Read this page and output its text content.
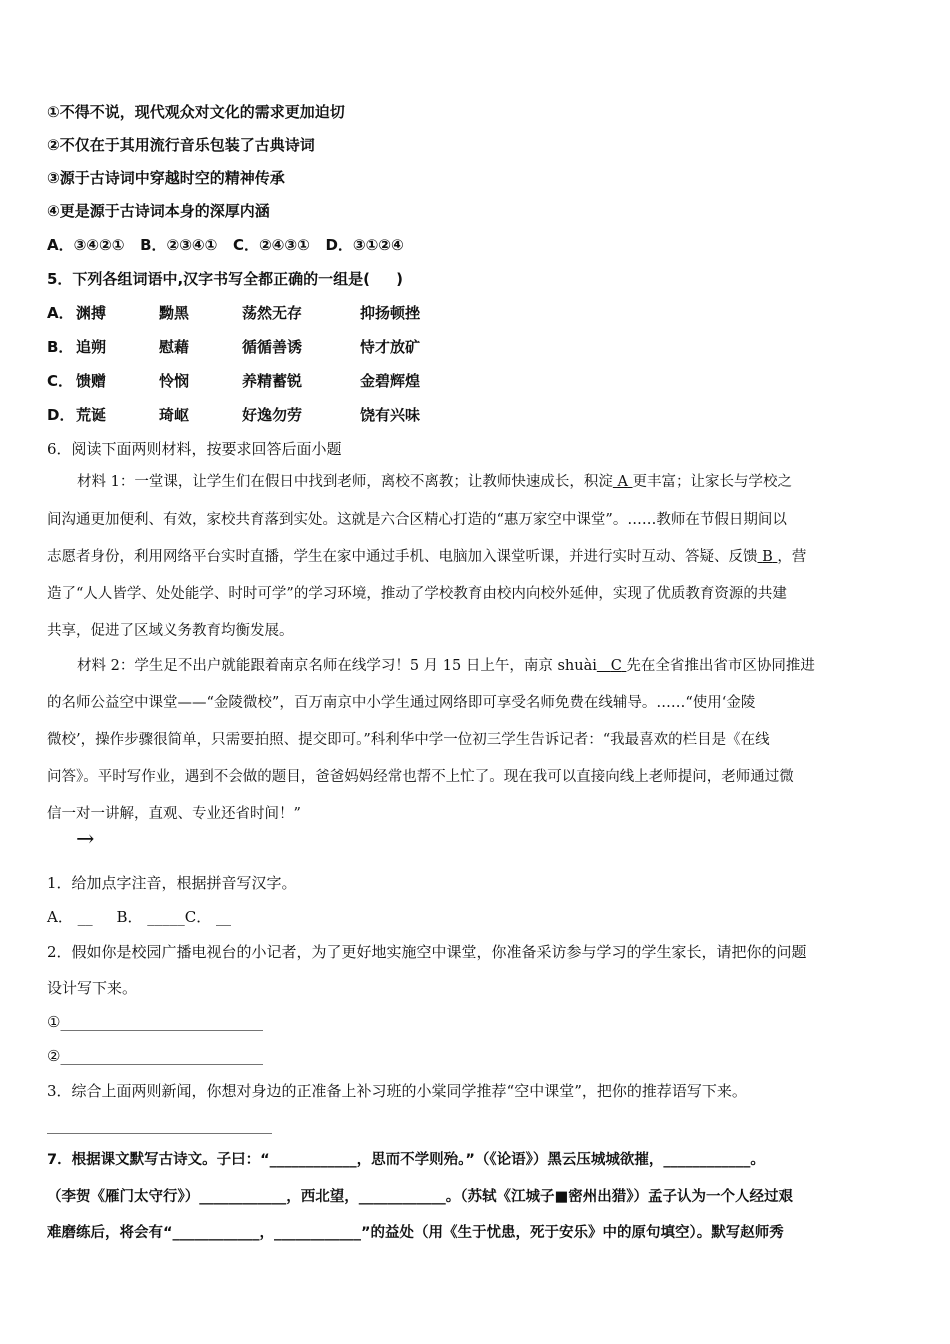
①不得不说，现代观众对文化的需求更加迫切
②不仅在于其用流行音乐包装了古典诗词
③源于古诗词中穿越时空的精神传承
④更是源于古诗词本身的深厚内涵
A．③④②①   B．②③④①   C．②④③①   D．③①②④
5．下列各组词语中,汉字书写全都正确的一组是(     )
A． 渊搏	黝黑	荡然无存	抑扬顿挫
B． 追朔	慰藉	循循善诱	恃才放矿
C． 馈赠	怜悯	养精蓄锐	金碧辉煌
D． 荒诞	琦岖	好逸勿劳	饶有兴味
6．阅读下面两则材料，按要求回答后面小题
材料 1：一堂课，让学生们在假日中找到老师，离校不离教；让教师快速成长，积淀 A 更丰富；让家长与学校之
间沟通更加便利、有效，家校共育落到实处。这就是六合区精心打造的“惠万家空中课堂”。……教师在节假日期间以
志愿者身份，利用网络平台实时直播，学生在家中通过手机、电脑加入课堂听课，并进行实时互动、答疑、反馈 B ，营
造了“人人皆学、处处能学、时时可学”的学习环境，推动了学校教育由校内向校外延伸，实现了优质教育资源的共建
共享，促进了区域义务教育均衡发展。
材料 2：学生足不出户就能跟着南京名师在线学习！5 月 15 日上午，南京 shuài C 先在全省推出省市区协同推进
的名师公益空中课堂——“金陵微校”，百万南京中小学生通过网络即可享受名师免费在线辅导。……“使用‘金陵
微校’，操作步骤很简单，只需要拍照、提交即可。”科利华中学一位初三学生告诉记者：“我最喜欢的栏目是《在线
问答》。平时写作业，遇到不会做的题目，爸爸妈妈经常也帮不上忙了。现在我可以直接向线上老师提问，老师通过微
信一对一讲解，直观、专业还省时间！”
→
1．给加点字注音，根据拼音写汉字。
A． __     B． _____C． __
2．假如你是校园广播电视台的小记者，为了更好地实施空中课堂，你准备采访参与学习的学生家长，请把你的问题
设计写下来。
①___________________________
②___________________________
3．综合上面两则新闻，你想对身边的正准备上补习班的小棠同学推荐“空中课堂”，把你的推荐语写下来。
______________________________
7．根据课文默写古诗文。子曰：“____________，思而不学则殆。”（《论语》）黑云压城城欲摧，____________。
（李贺《雁门太守行》）____________，西北望，____________。（苏轼《江城子■密州出猎》）孟子认为一个人经过艰
难磨练后，将会有“____________，____________”的益处（用《生于忧患，死于安乐》中的原句填空）。默写赵师秀
